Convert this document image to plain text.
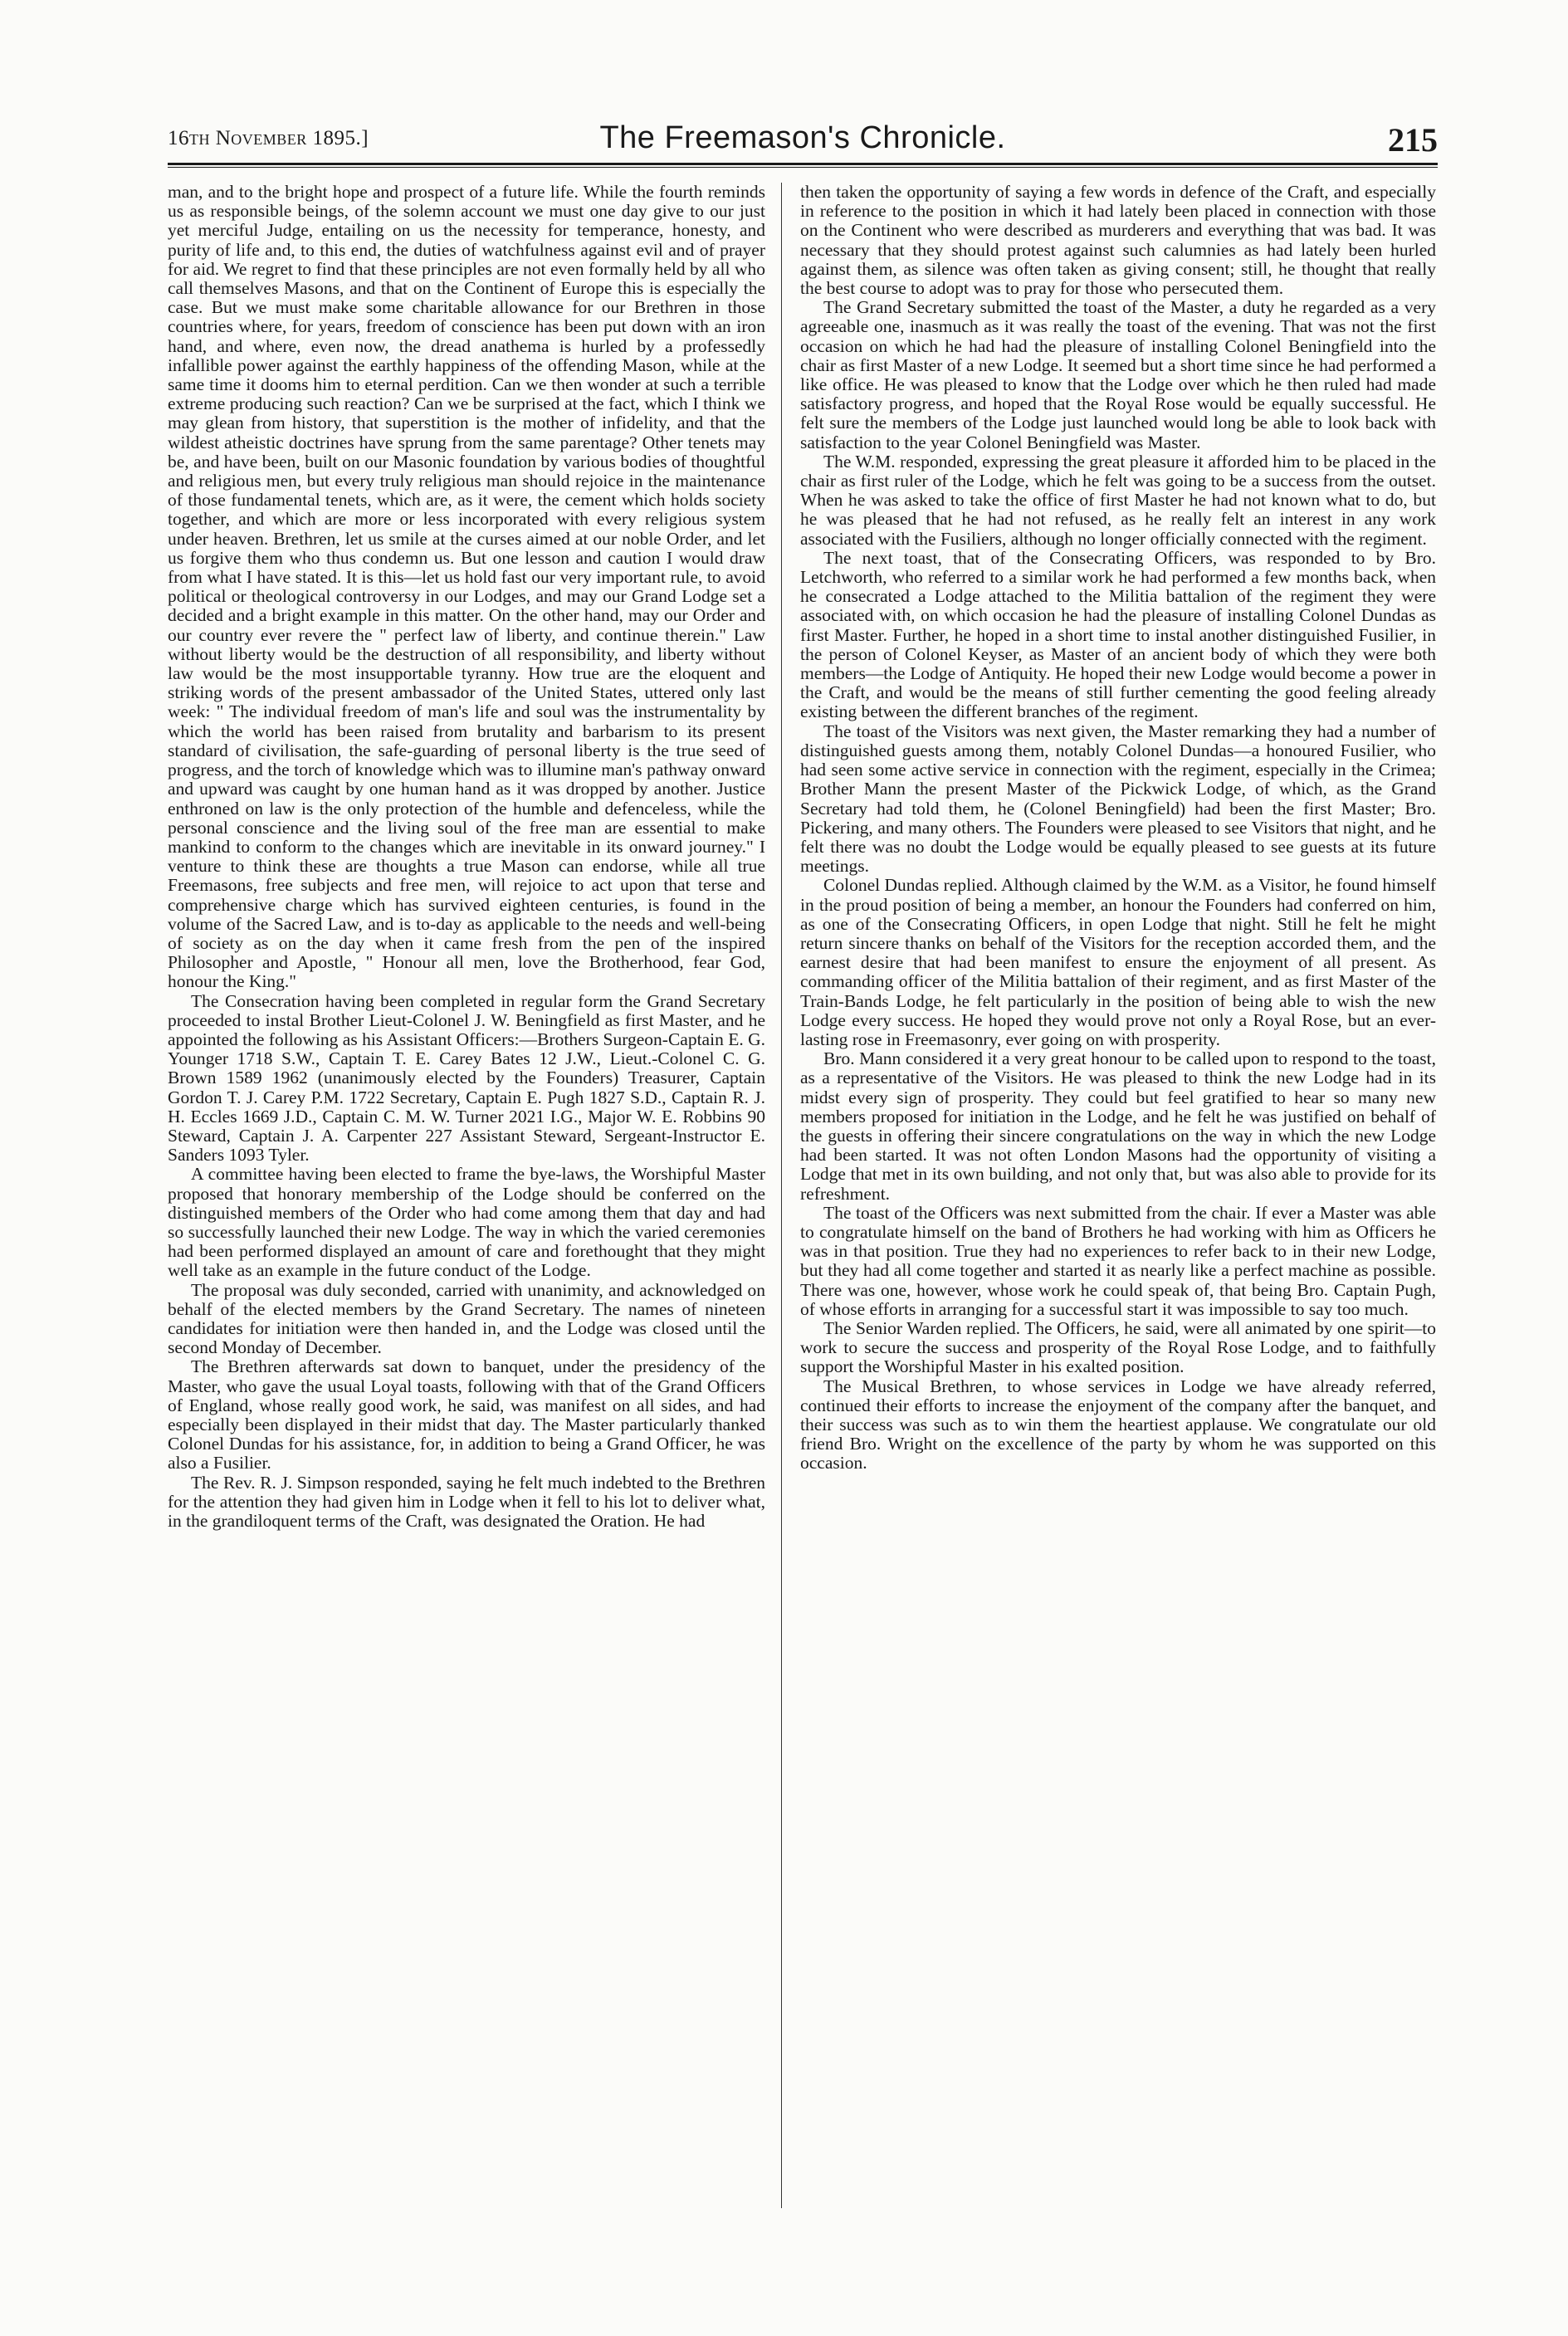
16th November 1895.]	The Freemason's Chronicle.	215

man, and to the bright hope and prospect of a future life. While the fourth reminds us as responsible beings, of the solemn account we must one day give to our just yet merciful Judge, entailing on us the necessity for temperance, honesty, and purity of life and, to this end, the duties of watchfulness against evil and of prayer for aid. We regret to find that these principles are not even formally held by all who call themselves Masons, and that on the Continent of Europe this is especially the case. But we must make some charitable allowance for our Brethren in those countries where, for years, freedom of conscience has been put down with an iron hand, and where, even now, the dread anathema is hurled by a professedly infallible power against the earthly happiness of the offending Mason, while at the same time it dooms him to eternal perdition. Can we then wonder at such a terrible extreme producing such reaction? Can we be surprised at the fact, which I think we may glean from history, that superstition is the mother of infidelity, and that the wildest atheistic doctrines have sprung from the same parentage? Other tenets may be, and have been, built on our Masonic foundation by various bodies of thoughtful and religious men, but every truly religious man should rejoice in the maintenance of those fundamental tenets, which are, as it were, the cement which holds society together, and which are more or less incorporated with every religious system under heaven. Brethren, let us smile at the curses aimed at our noble Order, and let us forgive them who thus condemn us. But one lesson and caution I would draw from what I have stated. It is this—let us hold fast our very important rule, to avoid political or theological controversy in our Lodges, and may our Grand Lodge set a decided and a bright example in this matter. On the other hand, may our Order and our country ever revere the " perfect law of liberty, and continue therein." Law without liberty would be the destruction of all responsibility, and liberty without law would be the most insupportable tyranny. How true are the eloquent and striking words of the present ambassador of the United States, uttered only last week: " The individual freedom of man's life and soul was the instrumentality by which the world has been raised from brutality and barbarism to its present standard of civilisation, the safe-guarding of personal liberty is the true seed of progress, and the torch of knowledge which was to illumine man's pathway onward and upward was caught by one human hand as it was dropped by another. Justice enthroned on law is the only protection of the humble and defenceless, while the personal conscience and the living soul of the free man are essential to make mankind to conform to the changes which are inevitable in its onward journey." I venture to think these are thoughts a true Mason can endorse, while all true Freemasons, free subjects and free men, will rejoice to act upon that terse and comprehensive charge which has survived eighteen centuries, is found in the volume of the Sacred Law, and is to-day as applicable to the needs and well-being of society as on the day when it came fresh from the pen of the inspired Philosopher and Apostle, " Honour all men, love the Brotherhood, fear God, honour the King."

The Consecration having been completed in regular form the Grand Secretary proceeded to instal Brother Lieut-Colonel J. W. Beningfield as first Master, and he appointed the following as his Assistant Officers:—Brothers Surgeon-Captain E. G. Younger 1718 S.W., Captain T. E. Carey Bates 12 J.W., Lieut.-Colonel C. G. Brown 1589 1962 (unanimously elected by the Founders) Treasurer, Captain Gordon T. J. Carey P.M. 1722 Secretary, Captain E. Pugh 1827 S.D., Captain R. J. H. Eccles 1669 J.D., Captain C. M. W. Turner 2021 I.G., Major W. E. Robbins 90 Steward, Captain J. A. Carpenter 227 Assistant Steward, Sergeant-Instructor E. Sanders 1093 Tyler.

A committee having been elected to frame the bye-laws, the Worshipful Master proposed that honorary membership of the Lodge should be conferred on the distinguished members of the Order who had come among them that day and had so successfully launched their new Lodge. The way in which the varied ceremonies had been performed displayed an amount of care and forethought that they might well take as an example in the future conduct of the Lodge.

The proposal was duly seconded, carried with unanimity, and acknowledged on behalf of the elected members by the Grand Secretary. The names of nineteen candidates for initiation were then handed in, and the Lodge was closed until the second Monday of December.

The Brethren afterwards sat down to banquet, under the presidency of the Master, who gave the usual Loyal toasts, following with that of the Grand Officers of England, whose really good work, he said, was manifest on all sides, and had especially been displayed in their midst that day. The Master particularly thanked Colonel Dundas for his assistance, for, in addition to being a Grand Officer, he was also a Fusilier.

The Rev. R. J. Simpson responded, saying he felt much indebted to the Brethren for the attention they had given him in Lodge when it fell to his lot to deliver what, in the grandiloquent terms of the Craft, was designated the Oration. He had

then taken the opportunity of saying a few words in defence of the Craft, and especially in reference to the position in which it had lately been placed in connection with those on the Continent who were described as murderers and everything that was bad. It was necessary that they should protest against such calumnies as had lately been hurled against them, as silence was often taken as giving consent; still, he thought that really the best course to adopt was to pray for those who persecuted them.

The Grand Secretary submitted the toast of the Master, a duty he regarded as a very agreeable one, inasmuch as it was really the toast of the evening. That was not the first occasion on which he had had the pleasure of installing Colonel Beningfield into the chair as first Master of a new Lodge. It seemed but a short time since he had performed a like office. He was pleased to know that the Lodge over which he then ruled had made satisfactory progress, and hoped that the Royal Rose would be equally successful. He felt sure the members of the Lodge just launched would long be able to look back with satisfaction to the year Colonel Beningfield was Master.

The W.M. responded, expressing the great pleasure it afforded him to be placed in the chair as first ruler of the Lodge, which he felt was going to be a success from the outset. When he was asked to take the office of first Master he had not known what to do, but he was pleased that he had not refused, as he really felt an interest in any work associated with the Fusiliers, although no longer officially connected with the regiment.

The next toast, that of the Consecrating Officers, was responded to by Bro. Letchworth, who referred to a similar work he had performed a few months back, when he consecrated a Lodge attached to the Militia battalion of the regiment they were associated with, on which occasion he had the pleasure of installing Colonel Dundas as first Master. Further, he hoped in a short time to instal another distinguished Fusilier, in the person of Colonel Keyser, as Master of an ancient body of which they were both members—the Lodge of Antiquity. He hoped their new Lodge would become a power in the Craft, and would be the means of still further cementing the good feeling already existing between the different branches of the regiment.

The toast of the Visitors was next given, the Master remarking they had a number of distinguished guests among them, notably Colonel Dundas—a honoured Fusilier, who had seen some active service in connection with the regiment, especially in the Crimea; Brother Mann the present Master of the Pickwick Lodge, of which, as the Grand Secretary had told them, he (Colonel Beningfield) had been the first Master; Bro. Pickering, and many others. The Founders were pleased to see Visitors that night, and he felt there was no doubt the Lodge would be equally pleased to see guests at its future meetings.

Colonel Dundas replied. Although claimed by the W.M. as a Visitor, he found himself in the proud position of being a member, an honour the Founders had conferred on him, as one of the Consecrating Officers, in open Lodge that night. Still he felt he might return sincere thanks on behalf of the Visitors for the reception accorded them, and the earnest desire that had been manifest to ensure the enjoyment of all present. As commanding officer of the Militia battalion of their regiment, and as first Master of the Train-Bands Lodge, he felt particularly in the position of being able to wish the new Lodge every success. He hoped they would prove not only a Royal Rose, but an ever-lasting rose in Freemasonry, ever going on with prosperity.

Bro. Mann considered it a very great honour to be called upon to respond to the toast, as a representative of the Visitors. He was pleased to think the new Lodge had in its midst every sign of prosperity. They could but feel gratified to hear so many new members proposed for initiation in the Lodge, and he felt he was justified on behalf of the guests in offering their sincere congratulations on the way in which the new Lodge had been started. It was not often London Masons had the opportunity of visiting a Lodge that met in its own building, and not only that, but was also able to provide for its refreshment.

The toast of the Officers was next submitted from the chair. If ever a Master was able to congratulate himself on the band of Brothers he had working with him as Officers he was in that position. True they had no experiences to refer back to in their new Lodge, but they had all come together and started it as nearly like a perfect machine as possible. There was one, however, whose work he could speak of, that being Bro. Captain Pugh, of whose efforts in arranging for a successful start it was impossible to say too much.

The Senior Warden replied. The Officers, he said, were all animated by one spirit—to work to secure the success and prosperity of the Royal Rose Lodge, and to faithfully support the Worshipful Master in his exalted position.

The Musical Brethren, to whose services in Lodge we have already referred, continued their efforts to increase the enjoyment of the company after the banquet, and their success was such as to win them the heartiest applause. We congratulate our old friend Bro. Wright on the excellence of the party by whom he was supported on this occasion.
